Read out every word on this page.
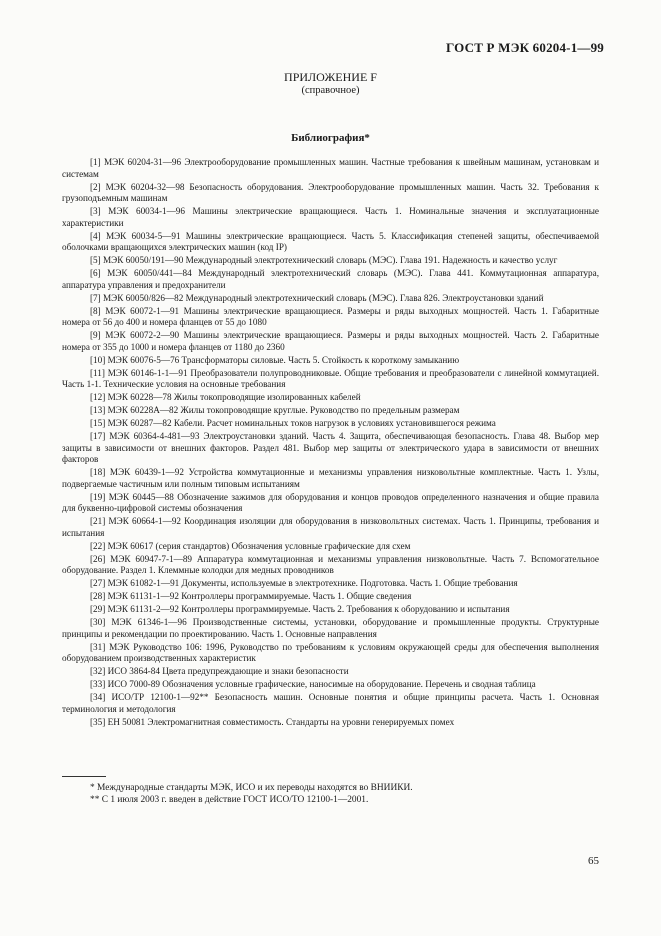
ГОСТ Р МЭК 60204-1—99
ПРИЛОЖЕНИЕ F
(справочное)
Библиография*

[1] МЭК 60204-31—96 Электрооборудование промышленных машин. Частные требования к швейным машинам, установкам и системам

[2] МЭК 60204-32—98 Безопасность оборудования. Электрооборудование промышленных машин. Часть 32. Требования к грузоподъемным машинам

[3] МЭК 60034-1—96 Машины электрические вращающиеся. Часть 1. Номинальные значения и эксплуатационные характеристики

[4] МЭК 60034-5—91 Машины электрические вращающиеся. Часть 5. Классификация степеней защиты, обеспечиваемой оболочками вращающихся электрических машин (код IP)

[5] МЭК 60050/191—90 Международный электротехнический словарь (МЭС). Глава 191. Надежность и качество услуг

[6] МЭК 60050/441—84 Международный электротехнический словарь (МЭС). Глава 441. Коммутационная аппаратура, аппаратура управления и предохранители

[7] МЭК 60050/826—82 Международный электротехнический словарь (МЭС). Глава 826. Электроустановки зданий

[8] МЭК 60072-1—91 Машины электрические вращающиеся. Размеры и ряды выходных мощностей. Часть 1. Габаритные номера от 56 до 400 и номера фланцев от 55 до 1080

[9] МЭК 60072-2—90 Машины электрические вращающиеся. Размеры и ряды выходных мощностей. Часть 2. Габаритные номера от 355 до 1000 и номера фланцев от 1180 до 2360

[10] МЭК 60076-5—76 Трансформаторы силовые. Часть 5. Стойкость к короткому замыканию

[11] МЭК 60146-1-1—91 Преобразователи полупроводниковые. Общие требования и преобразователи с линейной коммутацией. Часть 1-1. Технические условия на основные требования

[12] МЭК 60228—78 Жилы токопроводящие изолированных кабелей

[13] МЭК 60228А—82 Жилы токопроводящие круглые. Руководство по предельным размерам

[15] МЭК 60287—82 Кабели. Расчет номинальных токов нагрузок в условиях установившегося режима

[17] МЭК 60364-4-481—93 Электроустановки зданий. Часть 4. Защита, обеспечивающая безопасность. Глава 48. Выбор мер защиты в зависимости от внешних факторов. Раздел 481. Выбор мер защиты от электрического удара в зависимости от внешних факторов

[18] МЭК 60439-1—92 Устройства коммутационные и механизмы управления низковольтные комплектные. Часть 1. Узлы, подвергаемые частичным или полным типовым испытаниям

[19] МЭК 60445—88 Обозначение зажимов для оборудования и концов проводов определенного назначения и общие правила для буквенно-цифровой системы обозначения

[21] МЭК 60664-1—92 Координация изоляции для оборудования в низковольтных системах. Часть 1. Принципы, требования и испытания

[22] МЭК 60617 (серия стандартов) Обозначения условные графические для схем

[26] МЭК 60947-7-1—89 Аппаратура коммутационная и механизмы управления низковольтные. Часть 7. Вспомогательное оборудование. Раздел 1. Клеммные колодки для медных проводников

[27] МЭК 61082-1—91 Документы, используемые в электротехнике. Подготовка. Часть 1. Общие требования

[28] МЭК 61131-1—92 Контроллеры программируемые. Часть 1. Общие сведения

[29] МЭК 61131-2—92 Контроллеры программируемые. Часть 2. Требования к оборудованию и испытания

[30] МЭК 61346-1—96 Производственные системы, установки, оборудование и промышленные продукты. Структурные принципы и рекомендации по проектированию. Часть 1. Основные направления

[31] МЭК Руководство 106: 1996, Руководство по требованиям к условиям окружающей среды для обеспечения выполнения оборудованием производственных характеристик

[32] ИСО 3864-84 Цвета предупреждающие и знаки безопасности

[33] ИСО 7000-89 Обозначения условные графические, наносимые на оборудование. Перечень и сводная таблица

[34] ИСО/ТР 12100-1—92** Безопасность машин. Основные понятия и общие принципы расчета. Часть 1. Основная терминология и методология

[35] ЕН 50081 Электромагнитная совместимость. Стандарты на уровни генерируемых помех

* Международные стандарты МЭК, ИСО и их переводы находятся во ВНИИКИ.

** С 1 июля 2003 г. введен в действие ГОСТ ИСО/ТО 12100-1—2001.

65
